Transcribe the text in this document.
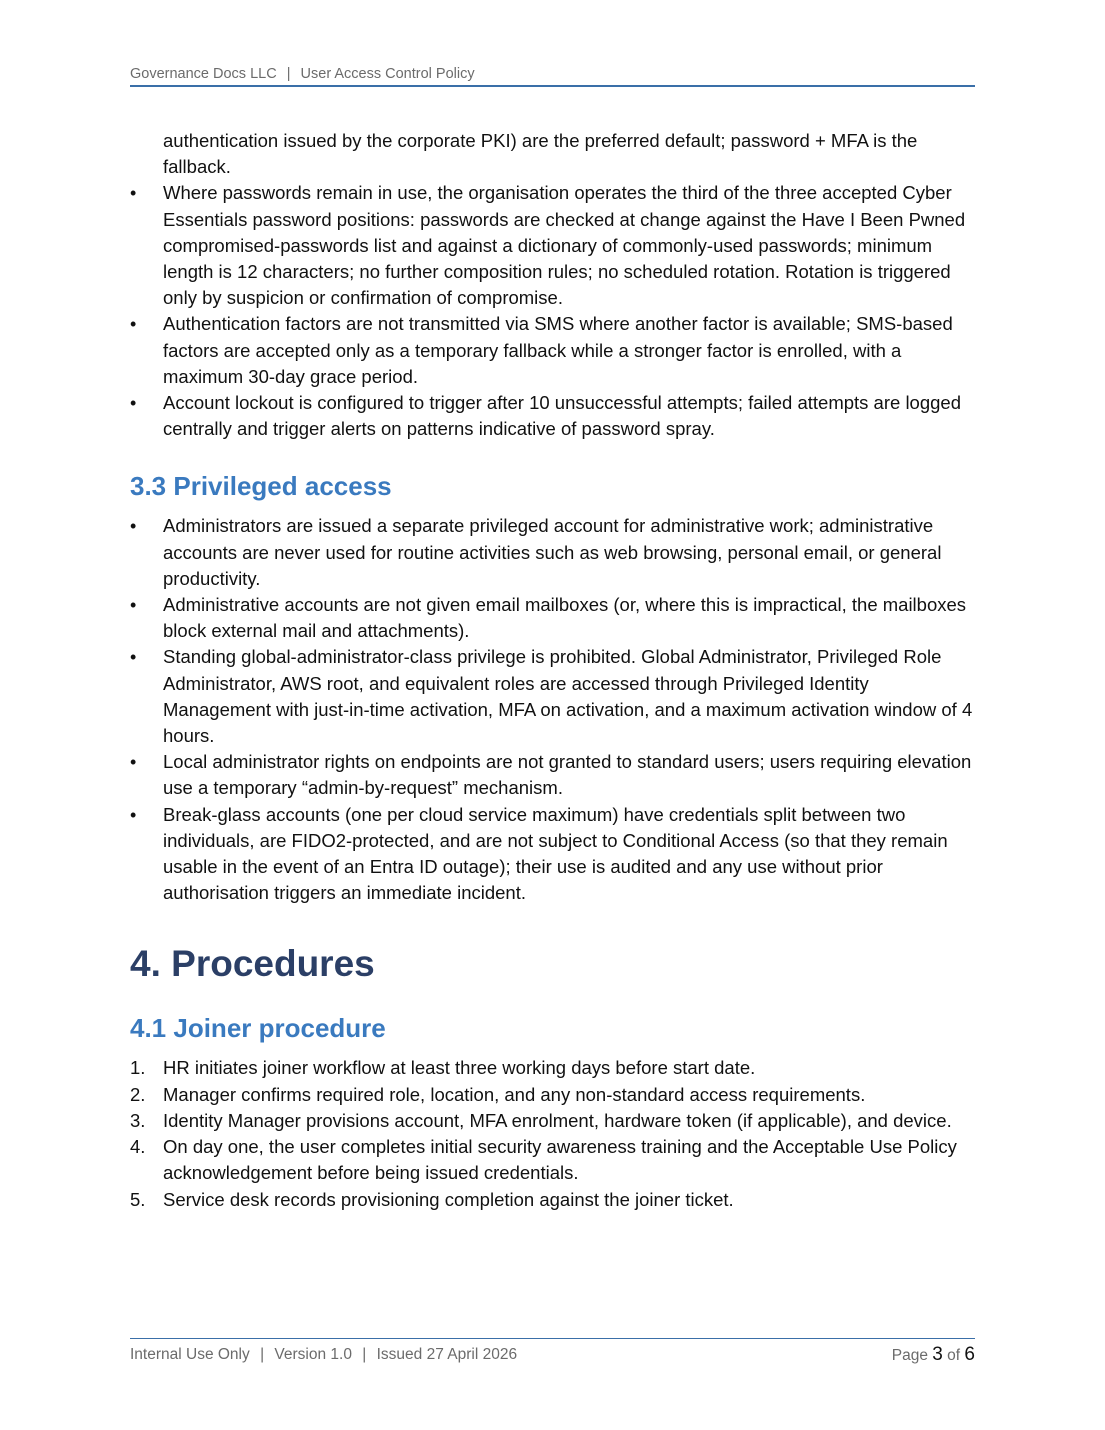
Governance Docs LLC | User Access Control Policy

authentication issued by the corporate PKI) are the preferred default; password + MFA is the fallback.

•	Where passwords remain in use, the organisation operates the third of the three accepted Cyber Essentials password positions: passwords are checked at change against the Have I Been Pwned compromised-passwords list and against a dictionary of commonly-used passwords; minimum length is 12 characters; no further composition rules; no scheduled rotation. Rotation is triggered only by suspicion or confirmation of compromise.
•	Authentication factors are not transmitted via SMS where another factor is available; SMS-based factors are accepted only as a temporary fallback while a stronger factor is enrolled, with a maximum 30-day grace period.
•	Account lockout is configured to trigger after 10 unsuccessful attempts; failed attempts are logged centrally and trigger alerts on patterns indicative of password spray.
3.3 Privileged access
•	Administrators are issued a separate privileged account for administrative work; administrative accounts are never used for routine activities such as web browsing, personal email, or general productivity.
•	Administrative accounts are not given email mailboxes (or, where this is impractical, the mailboxes block external mail and attachments).
•	Standing global-administrator-class privilege is prohibited. Global Administrator, Privileged Role Administrator, AWS root, and equivalent roles are accessed through Privileged Identity Management with just-in-time activation, MFA on activation, and a maximum activation window of 4 hours.
•	Local administrator rights on endpoints are not granted to standard users; users requiring elevation use a temporary “admin-by-request” mechanism.
•	Break-glass accounts (one per cloud service maximum) have credentials split between two individuals, are FIDO2-protected, and are not subject to Conditional Access (so that they remain usable in the event of an Entra ID outage); their use is audited and any use without prior authorisation triggers an immediate incident.
4. Procedures
4.1 Joiner procedure
1. HR initiates joiner workflow at least three working days before start date.
2. Manager confirms required role, location, and any non-standard access requirements.
3. Identity Manager provisions account, MFA enrolment, hardware token (if applicable), and device.
4. On day one, the user completes initial security awareness training and the Acceptable Use Policy acknowledgement before being issued credentials.
5. Service desk records provisioning completion against the joiner ticket.
Internal Use Only | Version 1.0 | Issued 27 April 2026	Page 3 of 6
